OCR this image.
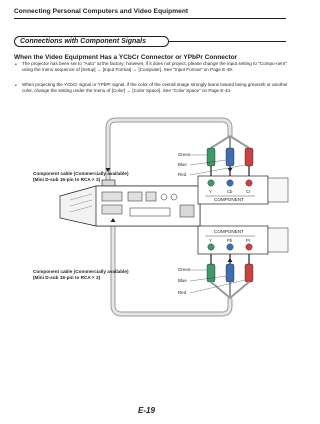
Connecting Personal Computers and Video Equipment
Connections with Component Signals
When the Video Equipment Has a YCbCr Connector or YPbPr Connector
• The projector has been set to "Auto" at the factory; however, if it does not project, please change the input setting to "Compo-nent" using the menu sequence of [Setup] → [Input Format] → [Computer]. See "Input Format" on Page E-49.
• When projecting the YCbCr signal or YPbPr signal, if the color of the overall image strongly leans toward being greenish or another color, change the setting under the menu of [Color] → [Color Space]. See "Color Space" on Page E-44.
COMPONENT
Y	Cb	Cr
COMPONENT
Y	Pb	Pr
Green
Blue
Red
Green
Blue
Red
Component cable (Commercially available)
(Mini D-sub 15-pin to RCA × 3)
Component cable (Commercially available)
(Mini D-sub 15-pin to RCA × 3)
E-19
